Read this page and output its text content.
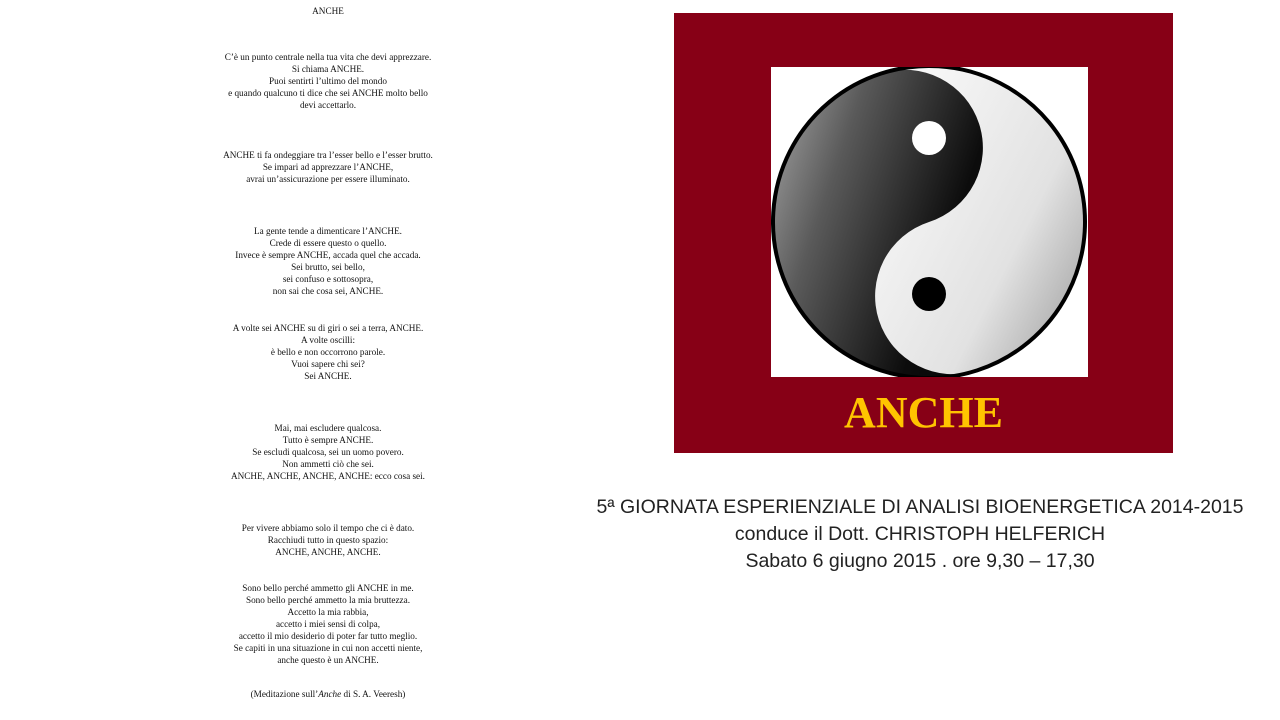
ANCHE
C’è un punto centrale nella tua vita che devi apprezzare.
Si chiama ANCHE.
Puoi sentirti l’ultimo del mondo
e quando qualcuno ti dice che sei ANCHE molto bello
devi accettarlo.
ANCHE ti fa ondeggiare tra l’esser bello e l’esser brutto.
Se impari ad apprezzare l’ANCHE,
avrai un’assicurazione per essere illuminato.
La gente tende a dimenticare l’ANCHE.
Crede di essere questo o quello.
Invece è sempre ANCHE, accada quel che accada.
Sei brutto, sei bello,
sei confuso e sottosopra,
non sai che cosa sei, ANCHE.
A volte sei ANCHE su di giri o sei a terra, ANCHE.
A volte oscilli:
è bello e non occorrono parole.
Vuoi sapere chi sei?
Sei ANCHE.
Mai, mai escludere qualcosa.
Tutto è sempre ANCHE.
Se escludi qualcosa, sei un uomo povero.
Non ammetti ciò che sei.
ANCHE, ANCHE, ANCHE, ANCHE: ecco cosa sei.
Per vivere abbiamo solo il tempo che ci è dato.
Racchiudi tutto in questo spazio:
ANCHE, ANCHE, ANCHE.
Sono bello perché ammetto gli ANCHE in me.
Sono bello perché ammetto la mia bruttezza.
Accetto la mia rabbia,
accetto i miei sensi di colpa,
accetto il mio desiderio di poter far tutto meglio.
Se capiti in una situazione in cui non accetti niente,
anche questo è un ANCHE.
(Meditazione sull’Anche di S. A. Veeresh)
ANCHE
5ª GIORNATA ESPERIENZIALE DI ANALISI BIOENERGETICA 2014-2015
conduce il Dott. CHRISTOPH HELFERICH
Sabato 6 giugno 2015 . ore 9,30 – 17,30
